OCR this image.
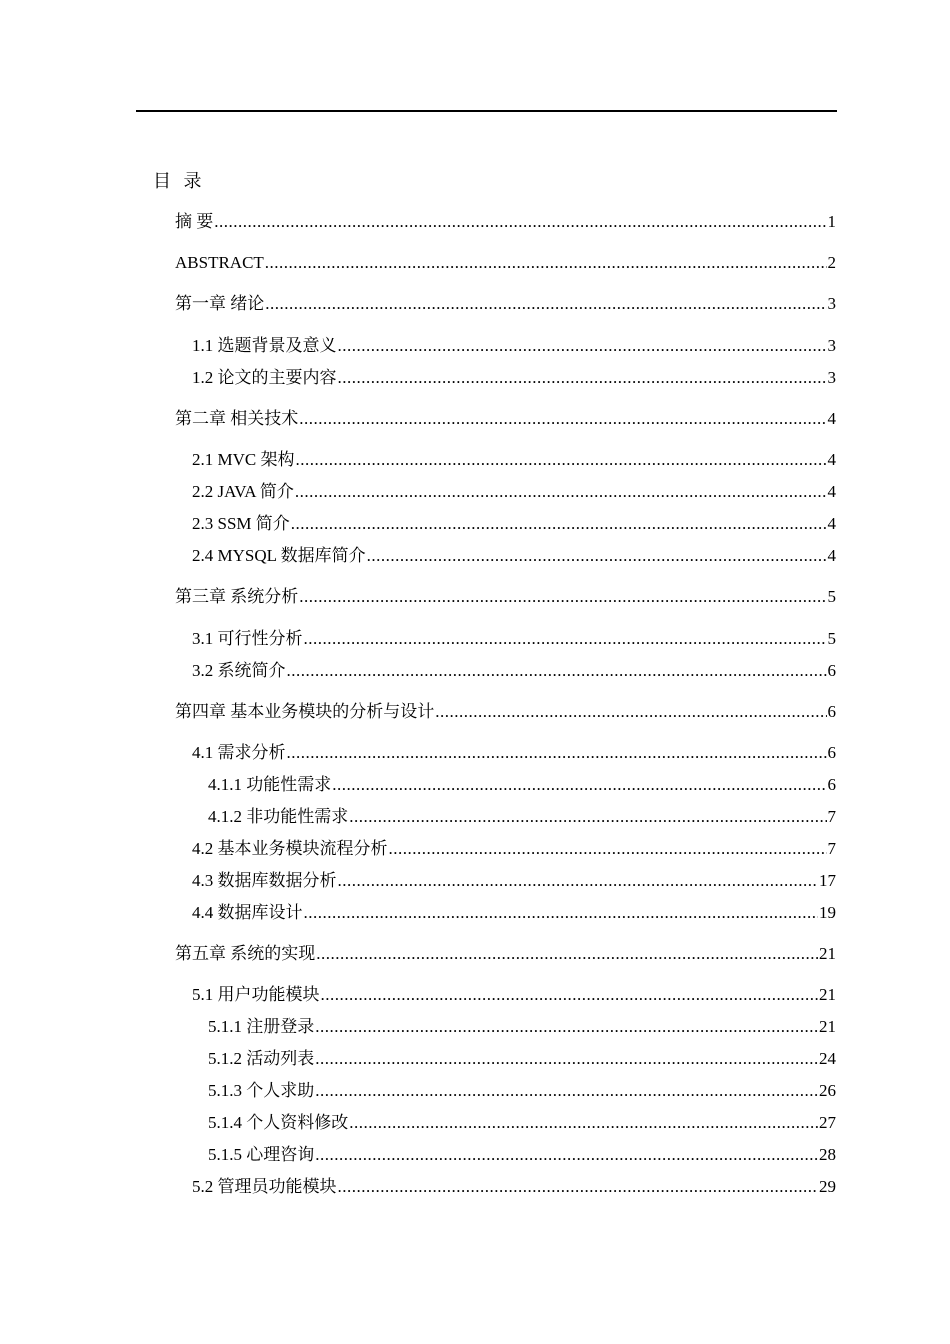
目 录
摘 要 .....	1
ABSTRACT .....	2
第一章 绪论 .....	3
1.1 选题背景及意义 .....	3
1.2 论文的主要内容 .....	3
第二章 相关技术 .....	4
2.1 MVC 架构 .....	4
2.2 JAVA 简介 .....	4
2.3 SSM 简介 .....	4
2.4 MYSQL 数据库简介 .....	4
第三章 系统分析 .....	5
3.1 可行性分析 .....	5
3.2 系统简介 .....	6
第四章 基本业务模块的分析与设计 .....	6
4.1 需求分析 .....	6
4.1.1 功能性需求 .....	6
4.1.2 非功能性需求 .....	7
4.2 基本业务模块流程分析 .....	7
4.3 数据库数据分析 .....	17
4.4 数据库设计 .....	19
第五章 系统的实现 .....	21
5.1 用户功能模块 .....	21
5.1.1 注册登录 .....	21
5.1.2 活动列表 .....	24
5.1.3 个人求助 .....	26
5.1.4 个人资料修改 .....	27
5.1.5 心理咨询 .....	28
5.2 管理员功能模块 .....	29
